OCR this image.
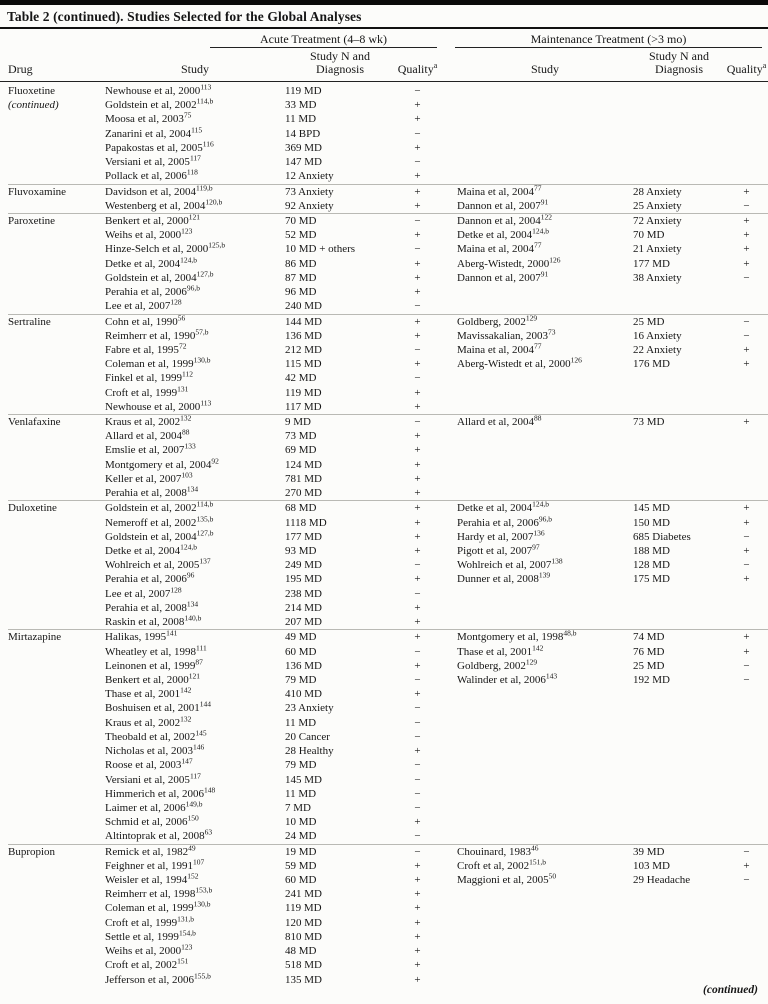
Table 2 (continued). Studies Selected for the Global Analyses
Acute Treatment (4–8 wk)	Maintenance Treatment (>3 mo)
Drug	Study
Study N and
Diagnosis	Quality$^a$	Study
Study N and
Diagnosis	Quality$^a$
Fluoxetine	Newhouse et al, 2000$^{113}$	119 MD	−
(continued)	Goldstein et al, 2002$^{114,b}$	33 MD	+
Moosa et al, 2003$^{75}$	11 MD	+
Zanarini et al, 2004$^{115}$	14 BPD	−
Papakostas et al, 2005$^{116}$	369 MD	+
Versiani et al, 2005$^{117}$	147 MD	−
Pollack et al, 2006$^{118}$	12 Anxiety	+
Fluvoxamine	Davidson et al, 2004$^{119,b}$	73 Anxiety	+	Maina et al, 2004$^{77}$	28 Anxiety	+
Westenberg et al, 2004$^{120,b}$	92 Anxiety	+	Dannon et al, 2007$^{91}$	25 Anxiety	−
Paroxetine	Benkert et al, 2000$^{121}$	70 MD	−	Dannon et al, 2004$^{122}$	72 Anxiety	+
Weihs et al, 2000$^{123}$	52 MD	+	Detke et al, 2004$^{124,b}$	70 MD	+
Hinze-Selch et al, 2000$^{125,b}$	10 MD + others	−	Maina et al, 2004$^{77}$	21 Anxiety	+
Detke et al, 2004$^{124,b}$	86 MD	+	Aberg-Wistedt, 2000$^{126}$	177 MD	+
Goldstein et al, 2004$^{127,b}$	87 MD	+	Dannon et al, 2007$^{91}$	38 Anxiety	−
Perahia et al, 2006$^{96,b}$	96 MD	+
Lee et al, 2007$^{128}$	240 MD	−
Sertraline	Cohn et al, 1990$^{56}$	144 MD	+	Goldberg, 2002$^{129}$	25 MD	−
Reimherr et al, 1990$^{57,b}$	136 MD	+	Mavissakalian, 2003$^{73}$	16 Anxiety	−
Fabre et al, 1995$^{72}$	212 MD	−	Maina et al, 2004$^{77}$	22 Anxiety	+
Coleman et al, 1999$^{130,b}$	115 MD	+	Aberg-Wistedt et al, 2000$^{126}$	176 MD	+
Finkel et al, 1999$^{112}$	42 MD	−
Croft et al, 1999$^{131}$	119 MD	+
Newhouse et al, 2000$^{113}$	117 MD	+
Venlafaxine	Kraus et al, 2002$^{132}$	9 MD	−	Allard et al, 2004$^{88}$	73 MD	+
Allard et al, 2004$^{88}$	73 MD	+
Emslie et al, 2007$^{133}$	69 MD	+
Montgomery et al, 2004$^{92}$	124 MD	+
Keller et al, 2007$^{103}$	781 MD	+
Perahia et al, 2008$^{134}$	270 MD	+
Duloxetine	Goldstein et al, 2002$^{114,b}$	68 MD	+	Detke et al, 2004$^{124,b}$	145 MD	+
Nemeroff et al, 2002$^{135,b}$	1118 MD	+	Perahia et al, 2006$^{96,b}$	150 MD	+
Goldstein et al, 2004$^{127,b}$	177 MD	+	Hardy et al, 2007$^{136}$	685 Diabetes	−
Detke et al, 2004$^{124,b}$	93 MD	+	Pigott et al, 2007$^{97}$	188 MD	+
Wohlreich et al, 2005$^{137}$	249 MD	−	Wohlreich et al, 2007$^{138}$	128 MD	−
Perahia et al, 2006$^{96}$	195 MD	+	Dunner et al, 2008$^{139}$	175 MD	+
Lee et al, 2007$^{128}$	238 MD	−
Perahia et al, 2008$^{134}$	214 MD	+
Raskin et al, 2008$^{140,b}$	207 MD	+
Mirtazapine	Halikas, 1995$^{141}$	49 MD	+	Montgomery et al, 1998$^{48,b}$	74 MD	+
Wheatley et al, 1998$^{111}$	60 MD	−	Thase et al, 2001$^{142}$	76 MD	+
Leinonen et al, 1999$^{87}$	136 MD	+	Goldberg, 2002$^{129}$	25 MD	−
Benkert et al, 2000$^{121}$	79 MD	−	Walinder et al, 2006$^{143}$	192 MD	−
Thase et al, 2001$^{142}$	410 MD	+
Boshuisen et al, 2001$^{144}$	23 Anxiety	−
Kraus et al, 2002$^{132}$	11 MD	−
Theobald et al, 2002$^{145}$	20 Cancer	−
Nicholas et al, 2003$^{146}$	28 Healthy	+
Roose et al, 2003$^{147}$	79 MD	−
Versiani et al, 2005$^{117}$	145 MD	−
Himmerich et al, 2006$^{148}$	11 MD	−
Laimer et al, 2006$^{149,b}$	7 MD	−
Schmid et al, 2006$^{150}$	10 MD	+
Altintoprak et al, 2008$^{63}$	24 MD	−
Bupropion	Remick et al, 1982$^{49}$	19 MD	−	Chouinard, 1983$^{46}$	39 MD	−
Feighner et al, 1991$^{107}$	59 MD	+	Croft et al, 2002$^{151,b}$	103 MD	+
Weisler et al, 1994$^{152}$	60 MD	+	Maggioni et al, 2005$^{50}$	29 Headache	−
Reimherr et al, 1998$^{153,b}$	241 MD	+
Coleman et al, 1999$^{130,b}$	119 MD	+
Croft et al, 1999$^{131,b}$	120 MD	+
Settle et al, 1999$^{154,b}$	810 MD	+
Weihs et al, 2000$^{123}$	48 MD	+
Croft et al, 2002$^{151}$	518 MD	+
Jefferson et al, 2006$^{155,b}$	135 MD	+
(continued)
